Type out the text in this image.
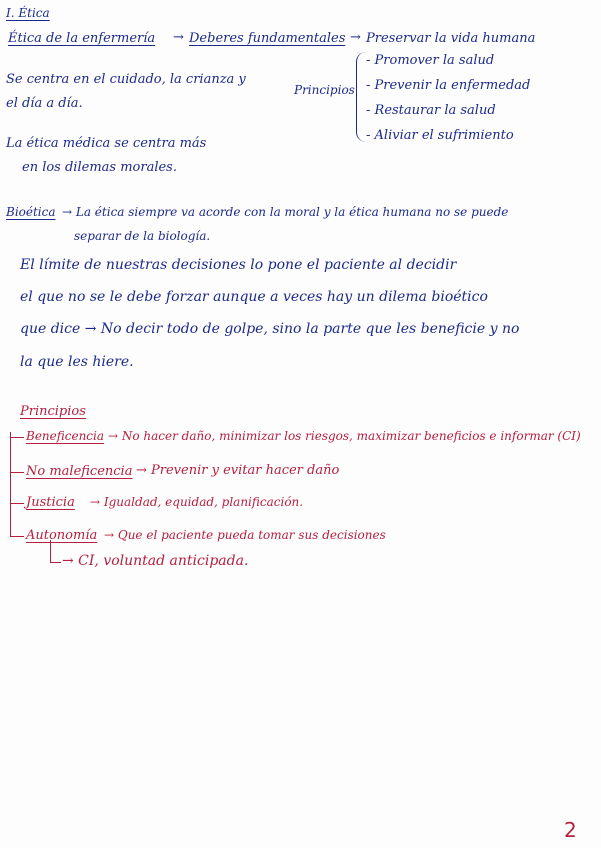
I. Ética
Ética de la enfermería → Deberes fundamentales → Preservar la vida humana
Principios
- Promover la salud
- Prevenir la enfermedad
- Restaurar la salud
- Aliviar el sufrimiento
Se centra en el cuidado, la crianza y
el día a día.
La ética médica se centra más
en los dilemas morales.
Bioética → La ética siempre va acorde con la moral y la ética humana no se puede
separar de la biología.
El límite de nuestras decisiones lo pone el paciente al decidir
el que no se le debe forzar aunque a veces hay un dilema bioético
que dice → No decir todo de golpe, sino la parte que les beneficie y no
la que les hiere.
Principios
Beneficencia → No hacer daño, minimizar los riesgos, maximizar beneficios e informar (CI)
No maleficencia → Prevenir y evitar hacer daño
Justicia → Igualdad, equidad, planificación.
Autonomía → Que el paciente pueda tomar sus decisiones
→ CI, voluntad anticipada.
2
